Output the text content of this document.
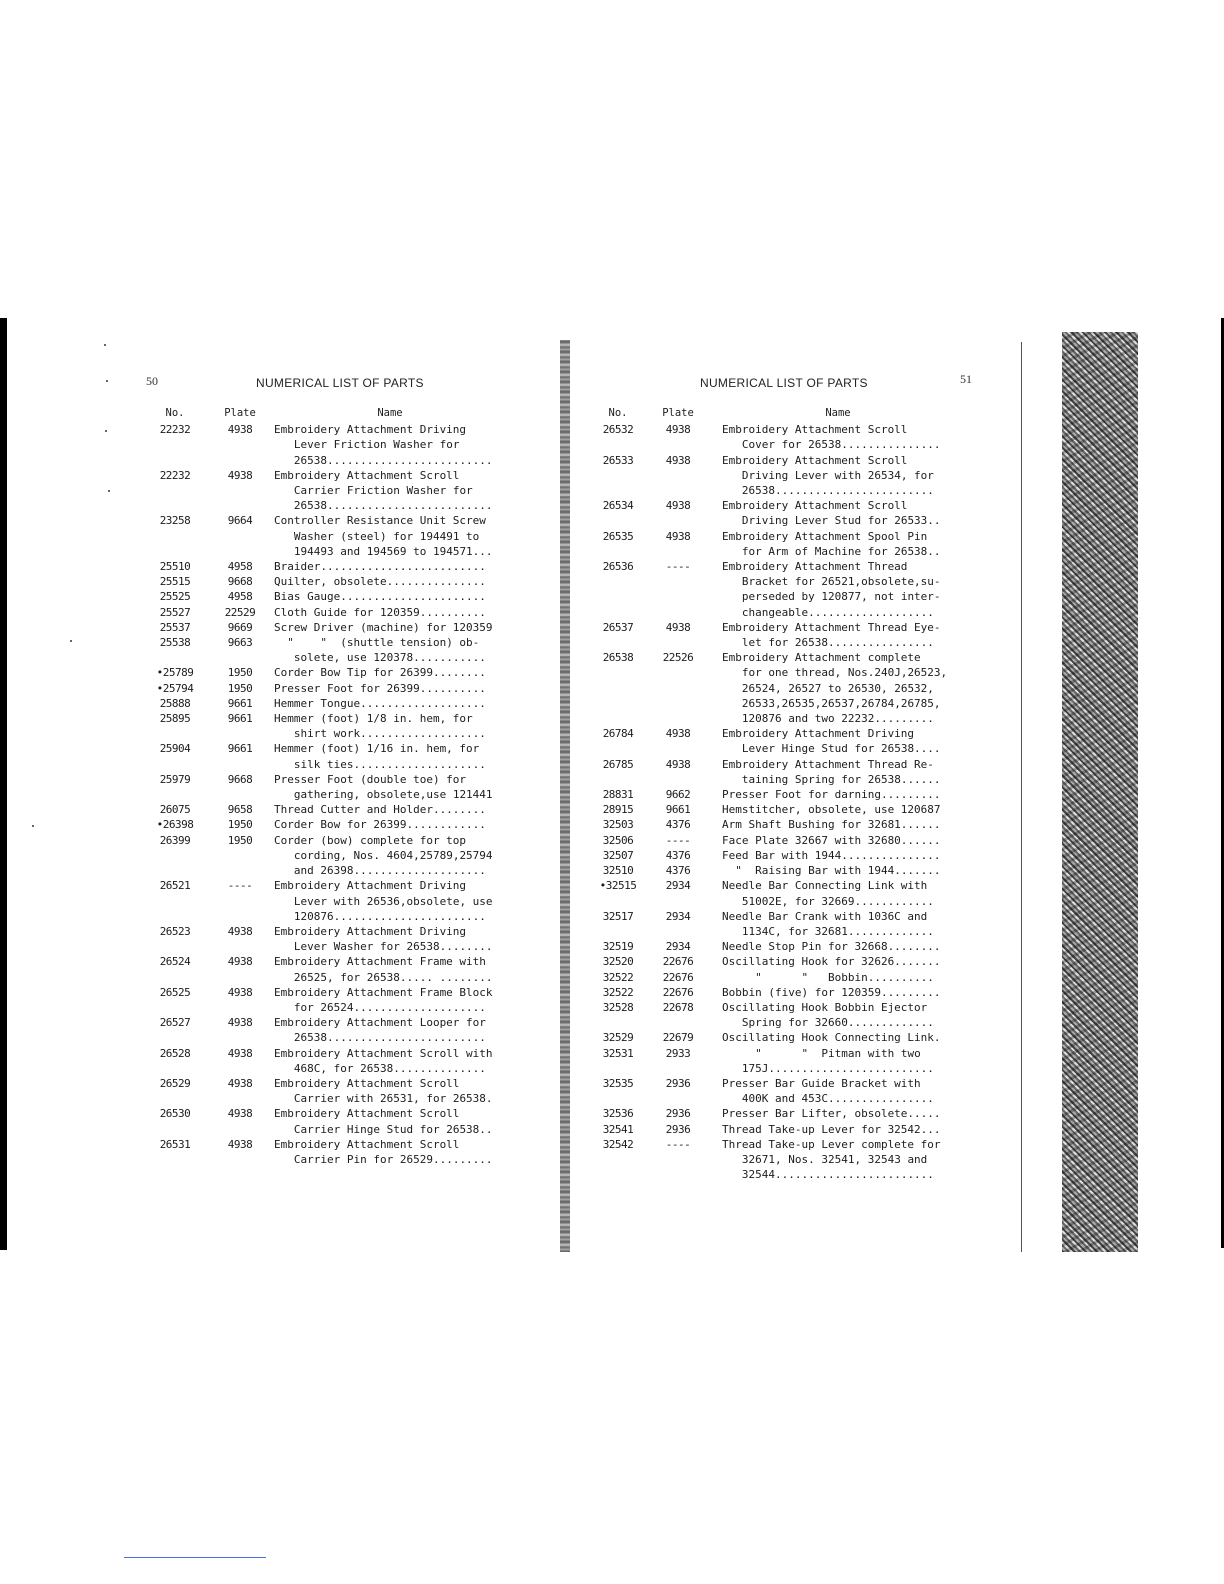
50	NUMERICAL LIST OF PARTS
No.	Plate	Name
22232	4938	Embroidery Attachment Driving
Lever Friction Washer for
26538.........................

22232	4938	Embroidery Attachment Scroll
Carrier Friction Washer for
26538.........................

23258	9664	Controller Resistance Unit Screw
Washer (steel) for 194491 to
194493 and 194569 to 194571...

25510	4958	Braider.........................

25515	9668	Quilter, obsolete...............

25525	4958	Bias Gauge......................

25527	22529	Cloth Guide for 120359..........

25537	9669	Screw Driver (machine) for 120359

25538	9663	"    "  (shuttle tension) ob-
solete, use 120378...........

•25789	1950	Corder Bow Tip for 26399........

•25794	1950	Presser Foot for 26399..........

25888	9661	Hemmer Tongue...................

25895	9661	Hemmer (foot) 1/8 in. hem, for
shirt work...................

25904	9661	Hemmer (foot) 1/16 in. hem, for
silk ties....................

25979	9668	Presser Foot (double toe) for
gathering, obsolete,use 121441

26075	9658	Thread Cutter and Holder........

•26398	1950	Corder Bow for 26399............

26399	1950	Corder (bow) complete for top
cording, Nos. 4604,25789,25794
and 26398....................

26521	----	Embroidery Attachment Driving
Lever with 26536,obsolete, use
120876.......................

26523	4938	Embroidery Attachment Driving
Lever Washer for 26538........

26524	4938	Embroidery Attachment Frame with
26525, for 26538..... ........

26525	4938	Embroidery Attachment Frame Block
for 26524....................

26527	4938	Embroidery Attachment Looper for
26538........................

26528	4938	Embroidery Attachment Scroll with
468C, for 26538..............

26529	4938	Embroidery Attachment Scroll
Carrier with 26531, for 26538.

26530	4938	Embroidery Attachment Scroll
Carrier Hinge Stud for 26538..

26531	4938	Embroidery Attachment Scroll
Carrier Pin for 26529.........
NUMERICAL LIST OF PARTS	51
No.	Plate	Name
26532	4938	Embroidery Attachment Scroll
Cover for 26538...............

26533	4938	Embroidery Attachment Scroll
Driving Lever with 26534, for
26538........................

26534	4938	Embroidery Attachment Scroll
Driving Lever Stud for 26533..

26535	4938	Embroidery Attachment Spool Pin
for Arm of Machine for 26538..

26536	----	Embroidery Attachment Thread
Bracket for 26521,obsolete,su-
perseded by 120877, not inter-
changeable...................

26537	4938	Embroidery Attachment Thread Eye-
let for 26538................

26538	22526	Embroidery Attachment complete
for one thread, Nos.240J,26523,
26524, 26527 to 26530, 26532,
26533,26535,26537,26784,26785,
120876 and two 22232.........

26784	4938	Embroidery Attachment Driving
Lever Hinge Stud for 26538....

26785	4938	Embroidery Attachment Thread Re-
taining Spring for 26538......

28831	9662	Presser Foot for darning.........

28915	9661	Hemstitcher, obsolete, use 120687

32503	4376	Arm Shaft Bushing for 32681......

32506	----	Face Plate 32667 with 32680......

32507	4376	Feed Bar with 1944...............

32510	4376	"  Raising Bar with 1944.......

•32515	2934	Needle Bar Connecting Link with
51002E, for 32669............

32517	2934	Needle Bar Crank with 1036C and
1134C, for 32681.............

32519	2934	Needle Stop Pin for 32668........

32520	22676	Oscillating Hook for 32626.......

32522	22676	"      "   Bobbin..........

32522	22676	Bobbin (five) for 120359.........

32528	22678	Oscillating Hook Bobbin Ejector
Spring for 32660.............

32529	22679	Oscillating Hook Connecting Link.

32531	2933	"      "  Pitman with two
175J.........................

32535	2936	Presser Bar Guide Bracket with
400K and 453C................

32536	2936	Presser Bar Lifter, obsolete.....

32541	2936	Thread Take-up Lever for 32542...

32542	----	Thread Take-up Lever complete for
32671, Nos. 32541, 32543 and
32544........................
